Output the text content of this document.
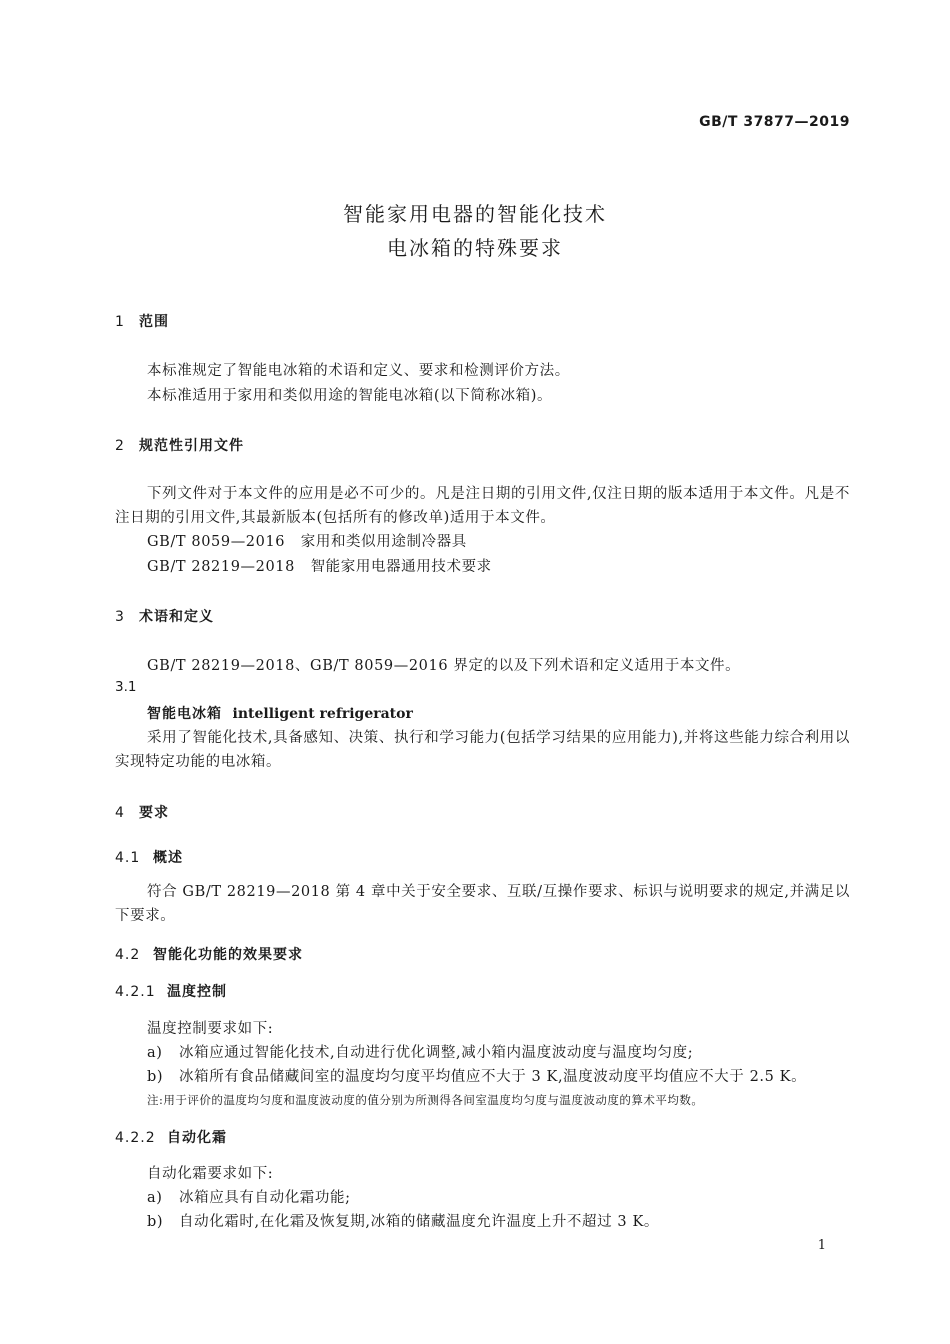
GB/T 37877—2019
智能家用电器的智能化技术
电冰箱的特殊要求
1 范围
本标准规定了智能电冰箱的术语和定义、要求和检测评价方法。
本标准适用于家用和类似用途的智能电冰箱(以下简称冰箱)。
2 规范性引用文件
下列文件对于本文件的应用是必不可少的。凡是注日期的引用文件,仅注日期的版本适用于本文件。凡是不注日期的引用文件,其最新版本(包括所有的修改单)适用于本文件。
GB/T 8059—2016 家用和类似用途制冷器具
GB/T 28219—2018 智能家用电器通用技术要求
3 术语和定义
GB/T 28219—2018、GB/T 8059—2016 界定的以及下列术语和定义适用于本文件。
3.1
智能电冰箱 intelligent refrigerator
采用了智能化技术,具备感知、决策、执行和学习能力(包括学习结果的应用能力),并将这些能力综合利用以实现特定功能的电冰箱。
4 要求
4.1 概述
符合 GB/T 28219—2018 第 4 章中关于安全要求、互联/互操作要求、标识与说明要求的规定,并满足以下要求。
4.2 智能化功能的效果要求
4.2.1 温度控制
温度控制要求如下:
a) 冰箱应通过智能化技术,自动进行优化调整,减小箱内温度波动度与温度均匀度;
b) 冰箱所有食品储藏间室的温度均匀度平均值应不大于 3 K,温度波动度平均值应不大于 2.5 K。
注:用于评价的温度均匀度和温度波动度的值分别为所测得各间室温度均匀度与温度波动度的算术平均数。
4.2.2 自动化霜
自动化霜要求如下:
a) 冰箱应具有自动化霜功能;
b) 自动化霜时,在化霜及恢复期,冰箱的储藏温度允许温度上升不超过 3 K。
1
